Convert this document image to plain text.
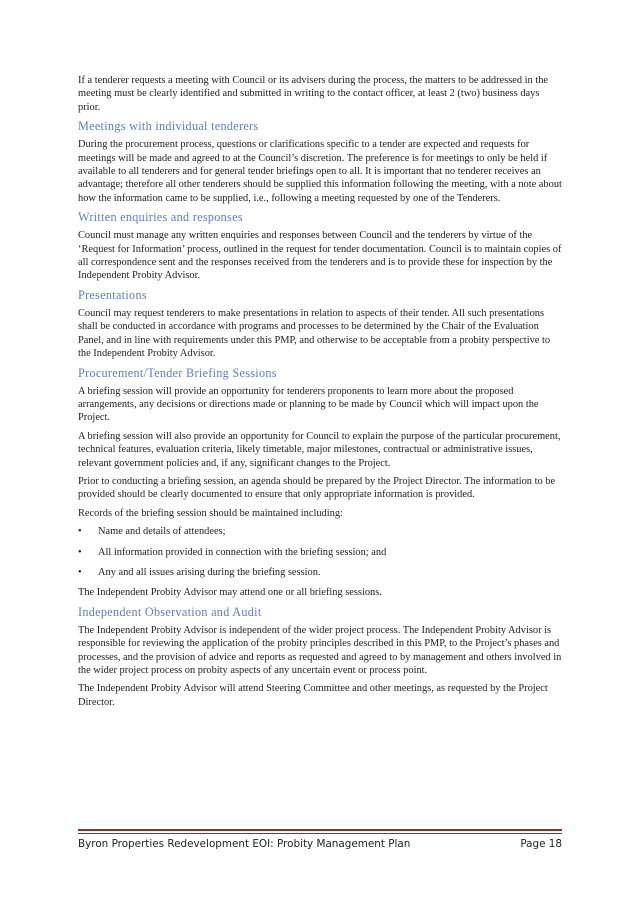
If a tenderer requests a meeting with Council or its advisers during the process, the matters to be addressed in the meeting must be clearly identified and submitted in writing to the contact officer, at least 2 (two) business days prior.

Meetings with individual tenderers

During the procurement process, questions or clarifications specific to a tender are expected and requests for meetings will be made and agreed to at the Council’s discretion. The preference is for meetings to only be held if available to all tenderers and for general tender briefings open to all. It is important that no tenderer receives an advantage; therefore all other tenderers should be supplied this information following the meeting, with a note about how the information came to be supplied, i.e., following a meeting requested by one of the Tenderers.

Written enquiries and responses

Council must manage any written enquiries and responses between Council and the tenderers by virtue of the ‘Request for Information’ process, outlined in the request for tender documentation. Council is to maintain copies of all correspondence sent and the responses received from the tenderers and is to provide these for inspection by the Independent Probity Advisor.

Presentations

Council may request tenderers to make presentations in relation to aspects of their tender. All such presentations shall be conducted in accordance with programs and processes to be determined by the Chair of the Evaluation Panel, and in line with requirements under this PMP, and otherwise to be acceptable from a probity perspective to the Independent Probity Advisor.

Procurement/Tender Briefing Sessions

A briefing session will provide an opportunity for tenderers proponents to learn more about the proposed arrangements, any decisions or directions made or planning to be made by Council which will impact upon the Project.

A briefing session will also provide an opportunity for Council to explain the purpose of the particular procurement, technical features, evaluation criteria, likely timetable, major milestones, contractual or administrative issues, relevant government policies and, if any, significant changes to the Project.

Prior to conducting a briefing session, an agenda should be prepared by the Project Director. The information to be provided should be clearly documented to ensure that only appropriate information is provided.

Records of the briefing session should be maintained including:

• Name and details of attendees;
• All information provided in connection with the briefing session; and
• Any and all issues arising during the briefing session.

The Independent Probity Advisor may attend one or all briefing sessions.

Independent Observation and Audit

The Independent Probity Advisor is independent of the wider project process. The Independent Probity Advisor is responsible for reviewing the application of the probity principles described in this PMP, to the Project’s phases and processes, and the provision of advice and reports as requested and agreed to by management and others involved in the wider project process on probity aspects of any uncertain event or process point.

The Independent Probity Advisor will attend Steering Committee and other meetings, as requested by the Project Director.

Byron Properties Redevelopment EOI: Probity Management Plan	Page 18
